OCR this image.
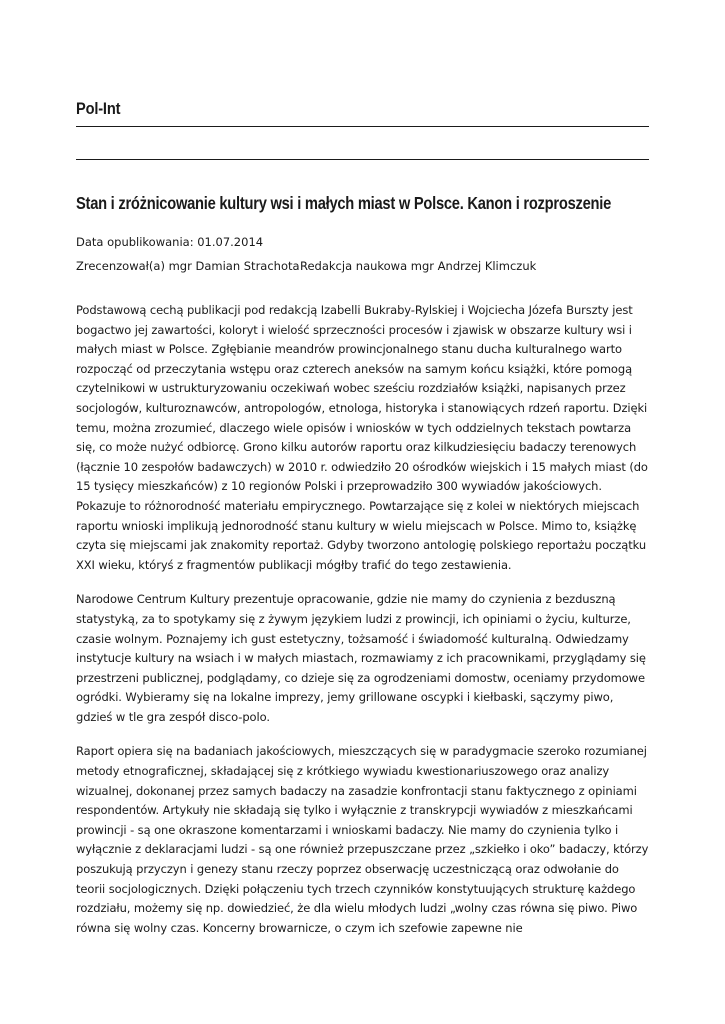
Pol-Int
Stan i zróżnicowanie kultury wsi i małych miast w Polsce. Kanon i rozproszenie
Data opublikowania: 01.07.2014
Zrecenzował(a) mgr Damian StrachotaRedakcja naukowa mgr Andrzej Klimczuk

Podstawową cechą publikacji pod redakcją Izabelli Bukraby-Rylskiej i Wojciecha Józefa Burszty jest bogactwo jej zawartości, koloryt i wielość sprzeczności procesów i zjawisk w obszarze kultury wsi i małych miast w Polsce. Zgłębianie meandrów prowincjonalnego stanu ducha kulturalnego warto rozpocząć od przeczytania wstępu oraz czterech aneksów na samym końcu książki, które pomogą czytelnikowi w ustrukturyzowaniu oczekiwań wobec sześciu rozdziałów książki, napisanych przez socjologów, kulturoznawców, antropologów, etnologa, historyka i stanowiących rdzeń raportu. Dzięki temu, można zrozumieć, dlaczego wiele opisów i wniosków w tych oddzielnych tekstach powtarza się, co może nużyć odbiorcę. Grono kilku autorów raportu oraz kilkudziesięciu badaczy terenowych (łącznie 10 zespołów badawczych) w 2010 r. odwiedziło 20 ośrodków wiejskich i 15 małych miast (do 15 tysięcy mieszkańców) z 10 regionów Polski i przeprowadziło 300 wywiadów jakościowych. Pokazuje to różnorodność materiału empirycznego. Powtarzające się z kolei w niektórych miejscach raportu wnioski implikują jednorodność stanu kultury w wielu miejscach w Polsce. Mimo to, książkę czyta się miejscami jak znakomity reportaż. Gdyby tworzono antologię polskiego reportażu początku XXI wieku, któryś z fragmentów publikacji mógłby trafić do tego zestawienia.

Narodowe Centrum Kultury prezentuje opracowanie, gdzie nie mamy do czynienia z bezduszną statystyką, za to spotykamy się z żywym językiem ludzi z prowincji, ich opiniami o życiu, kulturze, czasie wolnym. Poznajemy ich gust estetyczny, tożsamość i świadomość kulturalną. Odwiedzamy instytucje kultury na wsiach i w małych miastach, rozmawiamy z ich pracownikami, przyglądamy się przestrzeni publicznej, podglądamy, co dzieje się za ogrodzeniami domostw, oceniamy przydomowe ogródki. Wybieramy się na lokalne imprezy, jemy grillowane oscypki i kiełbaski, sączymy piwo, gdzieś w tle gra zespół disco-polo.

Raport opiera się na badaniach jakościowych, mieszczących się w paradygmacie szeroko rozumianej metody etnograficznej, składającej się z krótkiego wywiadu kwestionariuszowego oraz analizy wizualnej, dokonanej przez samych badaczy na zasadzie konfrontacji stanu faktycznego z opiniami respondentów. Artykuły nie składają się tylko i wyłącznie z transkrypcji wywiadów z mieszkańcami prowincji - są one okraszone komentarzami i wnioskami badaczy. Nie mamy do czynienia tylko i wyłącznie z deklaracjami ludzi - są one również przepuszczane przez „szkiełko i oko” badaczy, którzy poszukują przyczyn i genezy stanu rzeczy poprzez obserwację uczestniczącą oraz odwołanie do teorii socjologicznych. Dzięki połączeniu tych trzech czynników konstytuujących strukturę każdego rozdziału, możemy się np. dowiedzieć, że dla wielu młodych ludzi „wolny czas równa się piwo. Piwo równa się wolny czas. Koncerny browarnicze, o czym ich szefowie zapewne nie
